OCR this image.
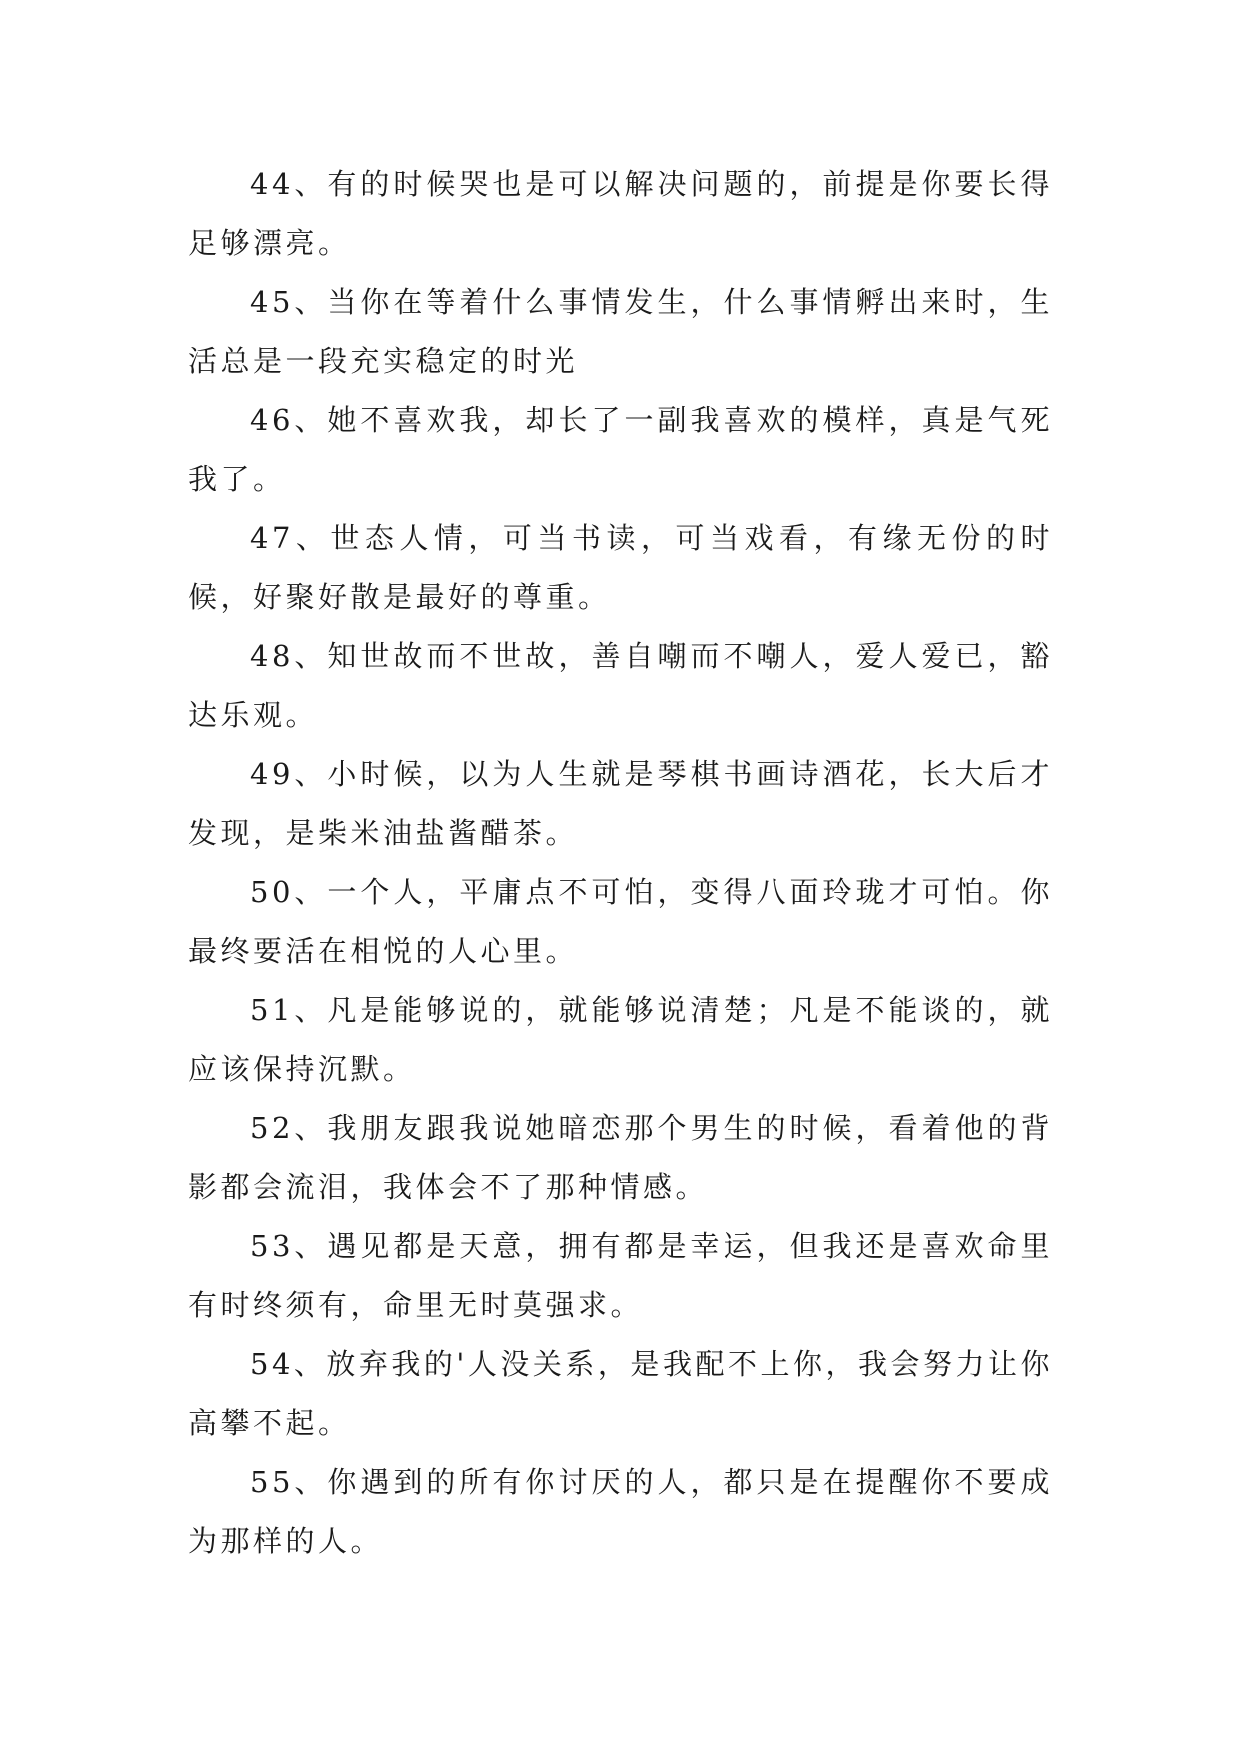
44、有的时候哭也是可以解决问题的，前提是你要长得足够漂亮。

45、当你在等着什么事情发生，什么事情孵出来时，生活总是一段充实稳定的时光

46、她不喜欢我，却长了一副我喜欢的模样，真是气死我了。

47、世态人情，可当书读，可当戏看，有缘无份的时候，好聚好散是最好的尊重。

48、知世故而不世故，善自嘲而不嘲人，爱人爱已，豁达乐观。

49、小时候，以为人生就是琴棋书画诗酒花，长大后才发现，是柴米油盐酱醋茶。

50、一个人，平庸点不可怕，变得八面玲珑才可怕。你最终要活在相悦的人心里。

51、凡是能够说的，就能够说清楚；凡是不能谈的，就应该保持沉默。

52、我朋友跟我说她暗恋那个男生的时候，看着他的背影都会流泪，我体会不了那种情感。

53、遇见都是天意，拥有都是幸运，但我还是喜欢命里有时终须有，命里无时莫强求。

54、放弃我的'人没关系，是我配不上你，我会努力让你高攀不起。

55、你遇到的所有你讨厌的人，都只是在提醒你不要成为那样的人。
